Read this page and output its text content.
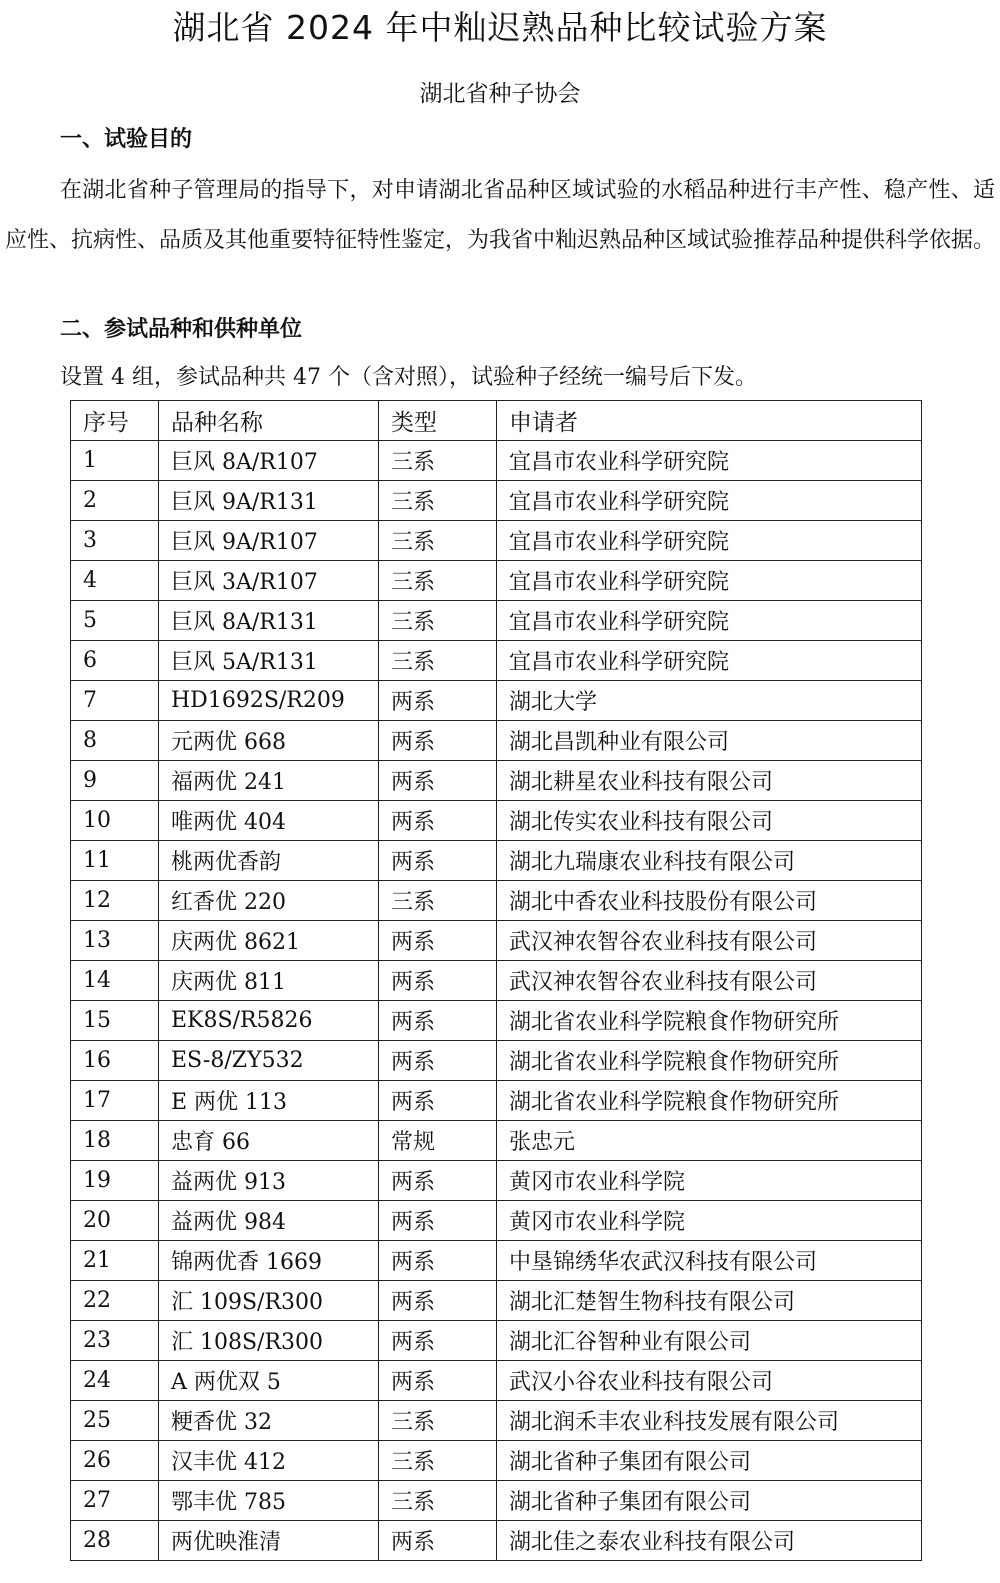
湖北省 2024 年中籼迟熟品种比较试验方案
湖北省种子协会
一、试验目的
在湖北省种子管理局的指导下，对申请湖北省品种区域试验的水稻品种进行丰产性、稳产性、适应性、抗病性、品质及其他重要特征特性鉴定，为我省中籼迟熟品种区域试验推荐品种提供科学依据。
二、参试品种和供种单位
设置 4 组，参试品种共 47 个（含对照），试验种子经统一编号后下发。
序号	品种名称	类型	申请者
1	巨风 8A/R107	三系	宜昌市农业科学研究院
2	巨风 9A/R131	三系	宜昌市农业科学研究院
3	巨风 9A/R107	三系	宜昌市农业科学研究院
4	巨风 3A/R107	三系	宜昌市农业科学研究院
5	巨风 8A/R131	三系	宜昌市农业科学研究院
6	巨风 5A/R131	三系	宜昌市农业科学研究院
7	HD1692S/R209	两系	湖北大学
8	元两优 668	两系	湖北昌凯种业有限公司
9	福两优 241	两系	湖北耕星农业科技有限公司
10	唯两优 404	两系	湖北传实农业科技有限公司
11	桃两优香韵	两系	湖北九瑞康农业科技有限公司
12	红香优 220	三系	湖北中香农业科技股份有限公司
13	庆两优 8621	两系	武汉神农智谷农业科技有限公司
14	庆两优 811	两系	武汉神农智谷农业科技有限公司
15	EK8S/R5826	两系	湖北省农业科学院粮食作物研究所
16	ES-8/ZY532	两系	湖北省农业科学院粮食作物研究所
17	E 两优 113	两系	湖北省农业科学院粮食作物研究所
18	忠育 66	常规	张忠元
19	益两优 913	两系	黄冈市农业科学院
20	益两优 984	两系	黄冈市农业科学院
21	锦两优香 1669	两系	中垦锦绣华农武汉科技有限公司
22	汇 109S/R300	两系	湖北汇楚智生物科技有限公司
23	汇 108S/R300	两系	湖北汇谷智种业有限公司
24	A 两优双 5	两系	武汉小谷农业科技有限公司
25	粳香优 32	三系	湖北润禾丰农业科技发展有限公司
26	汉丰优 412	三系	湖北省种子集团有限公司
27	鄂丰优 785	三系	湖北省种子集团有限公司
28	两优映淮清	两系	湖北佳之泰农业科技有限公司
